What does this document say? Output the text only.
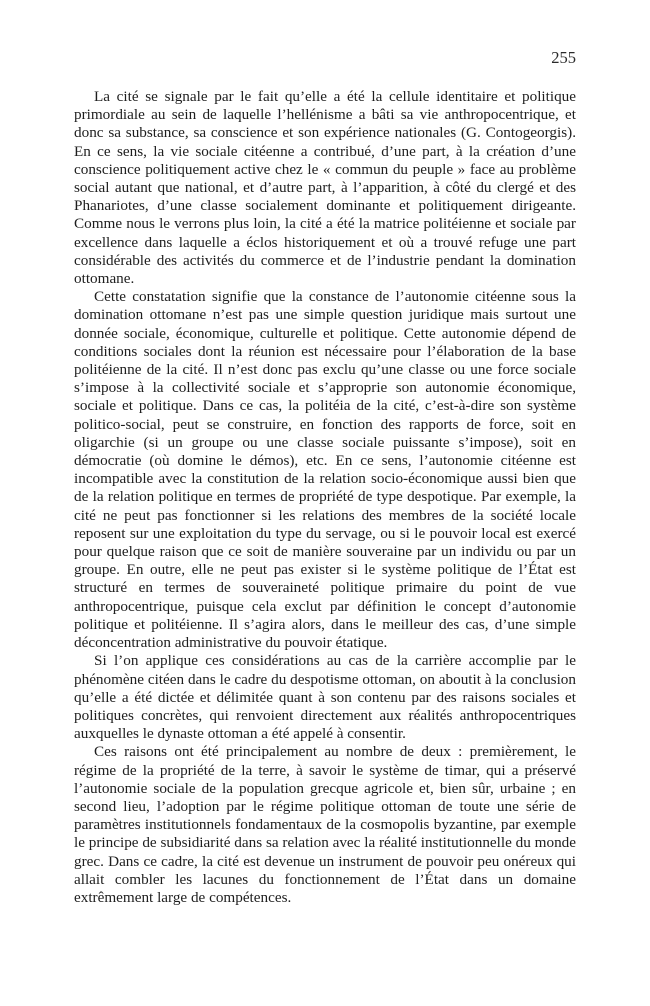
255

La cité se signale par le fait qu’elle a été la cellule identitaire et politique primordiale au sein de laquelle l’hellénisme a bâti sa vie anthropocentrique, et donc sa substance, sa conscience et son expérience nationales (G. Contogeorgis). En ce sens, la vie sociale citéenne a contribué, d’une part, à la création d’une conscience politiquement active chez le « commun du peuple » face au problème social autant que national, et d’autre part, à l’apparition, à côté du clergé et des Phanariotes, d’une classe socialement dominante et politiquement dirigeante. Comme nous le verrons plus loin, la cité a été la matrice politéienne et sociale par excellence dans laquelle a éclos historiquement et où a trouvé refuge une part considérable des activités du commerce et de l’industrie pendant la domination ottomane.

Cette constatation signifie que la constance de l’autonomie citéenne sous la domination ottomane n’est pas une simple question juridique mais surtout une donnée sociale, économique, culturelle et politique. Cette autonomie dépend de conditions sociales dont la réunion est nécessaire pour l’élaboration de la base politéienne de la cité. Il n’est donc pas exclu qu’une classe ou une force sociale s’impose à la collectivité sociale et s’approprie son autonomie économique, sociale et politique. Dans ce cas, la politéia de la cité, c’est-à-dire son système politico-social, peut se construire, en fonction des rapports de force, soit en oligarchie (si un groupe ou une classe sociale puissante s’impose), soit en démocratie (où domine le démos), etc. En ce sens, l’autonomie citéenne est incompatible avec la constitution de la relation socio-économique aussi bien que de la relation politique en termes de propriété de type despotique. Par exemple, la cité ne peut pas fonctionner si les relations des membres de la société locale reposent sur une exploitation du type du servage, ou si le pouvoir local est exercé pour quelque raison que ce soit de manière souveraine par un individu ou par un groupe. En outre, elle ne peut pas exister si le système politique de l’État est structuré en termes de souveraineté politique primaire du point de vue anthropocentrique, puisque cela exclut par définition le concept d’autonomie politique et politéienne. Il s’agira alors, dans le meilleur des cas, d’une simple déconcentration administrative du pouvoir étatique.

Si l’on applique ces considérations au cas de la carrière accomplie par le phénomène citéen dans le cadre du despotisme ottoman, on aboutit à la conclusion qu’elle a été dictée et délimitée quant à son contenu par des raisons sociales et politiques concrètes, qui renvoient directement aux réalités anthropocentriques auxquelles le dynaste ottoman a été appelé à consentir.

Ces raisons ont été principalement au nombre de deux : premièrement, le régime de la propriété de la terre, à savoir le système de timar, qui a préservé l’autonomie sociale de la population grecque agricole et, bien sûr, urbaine ; en second lieu, l’adoption par le régime politique ottoman de toute une série de paramètres institutionnels fondamentaux de la cosmopolis byzantine, par exemple le principe de subsidiarité dans sa relation avec la réalité institutionnelle du monde grec. Dans ce cadre, la cité est devenue un instrument de pouvoir peu onéreux qui allait combler les lacunes du fonctionnement de l’État dans un domaine extrêmement large de compétences.
